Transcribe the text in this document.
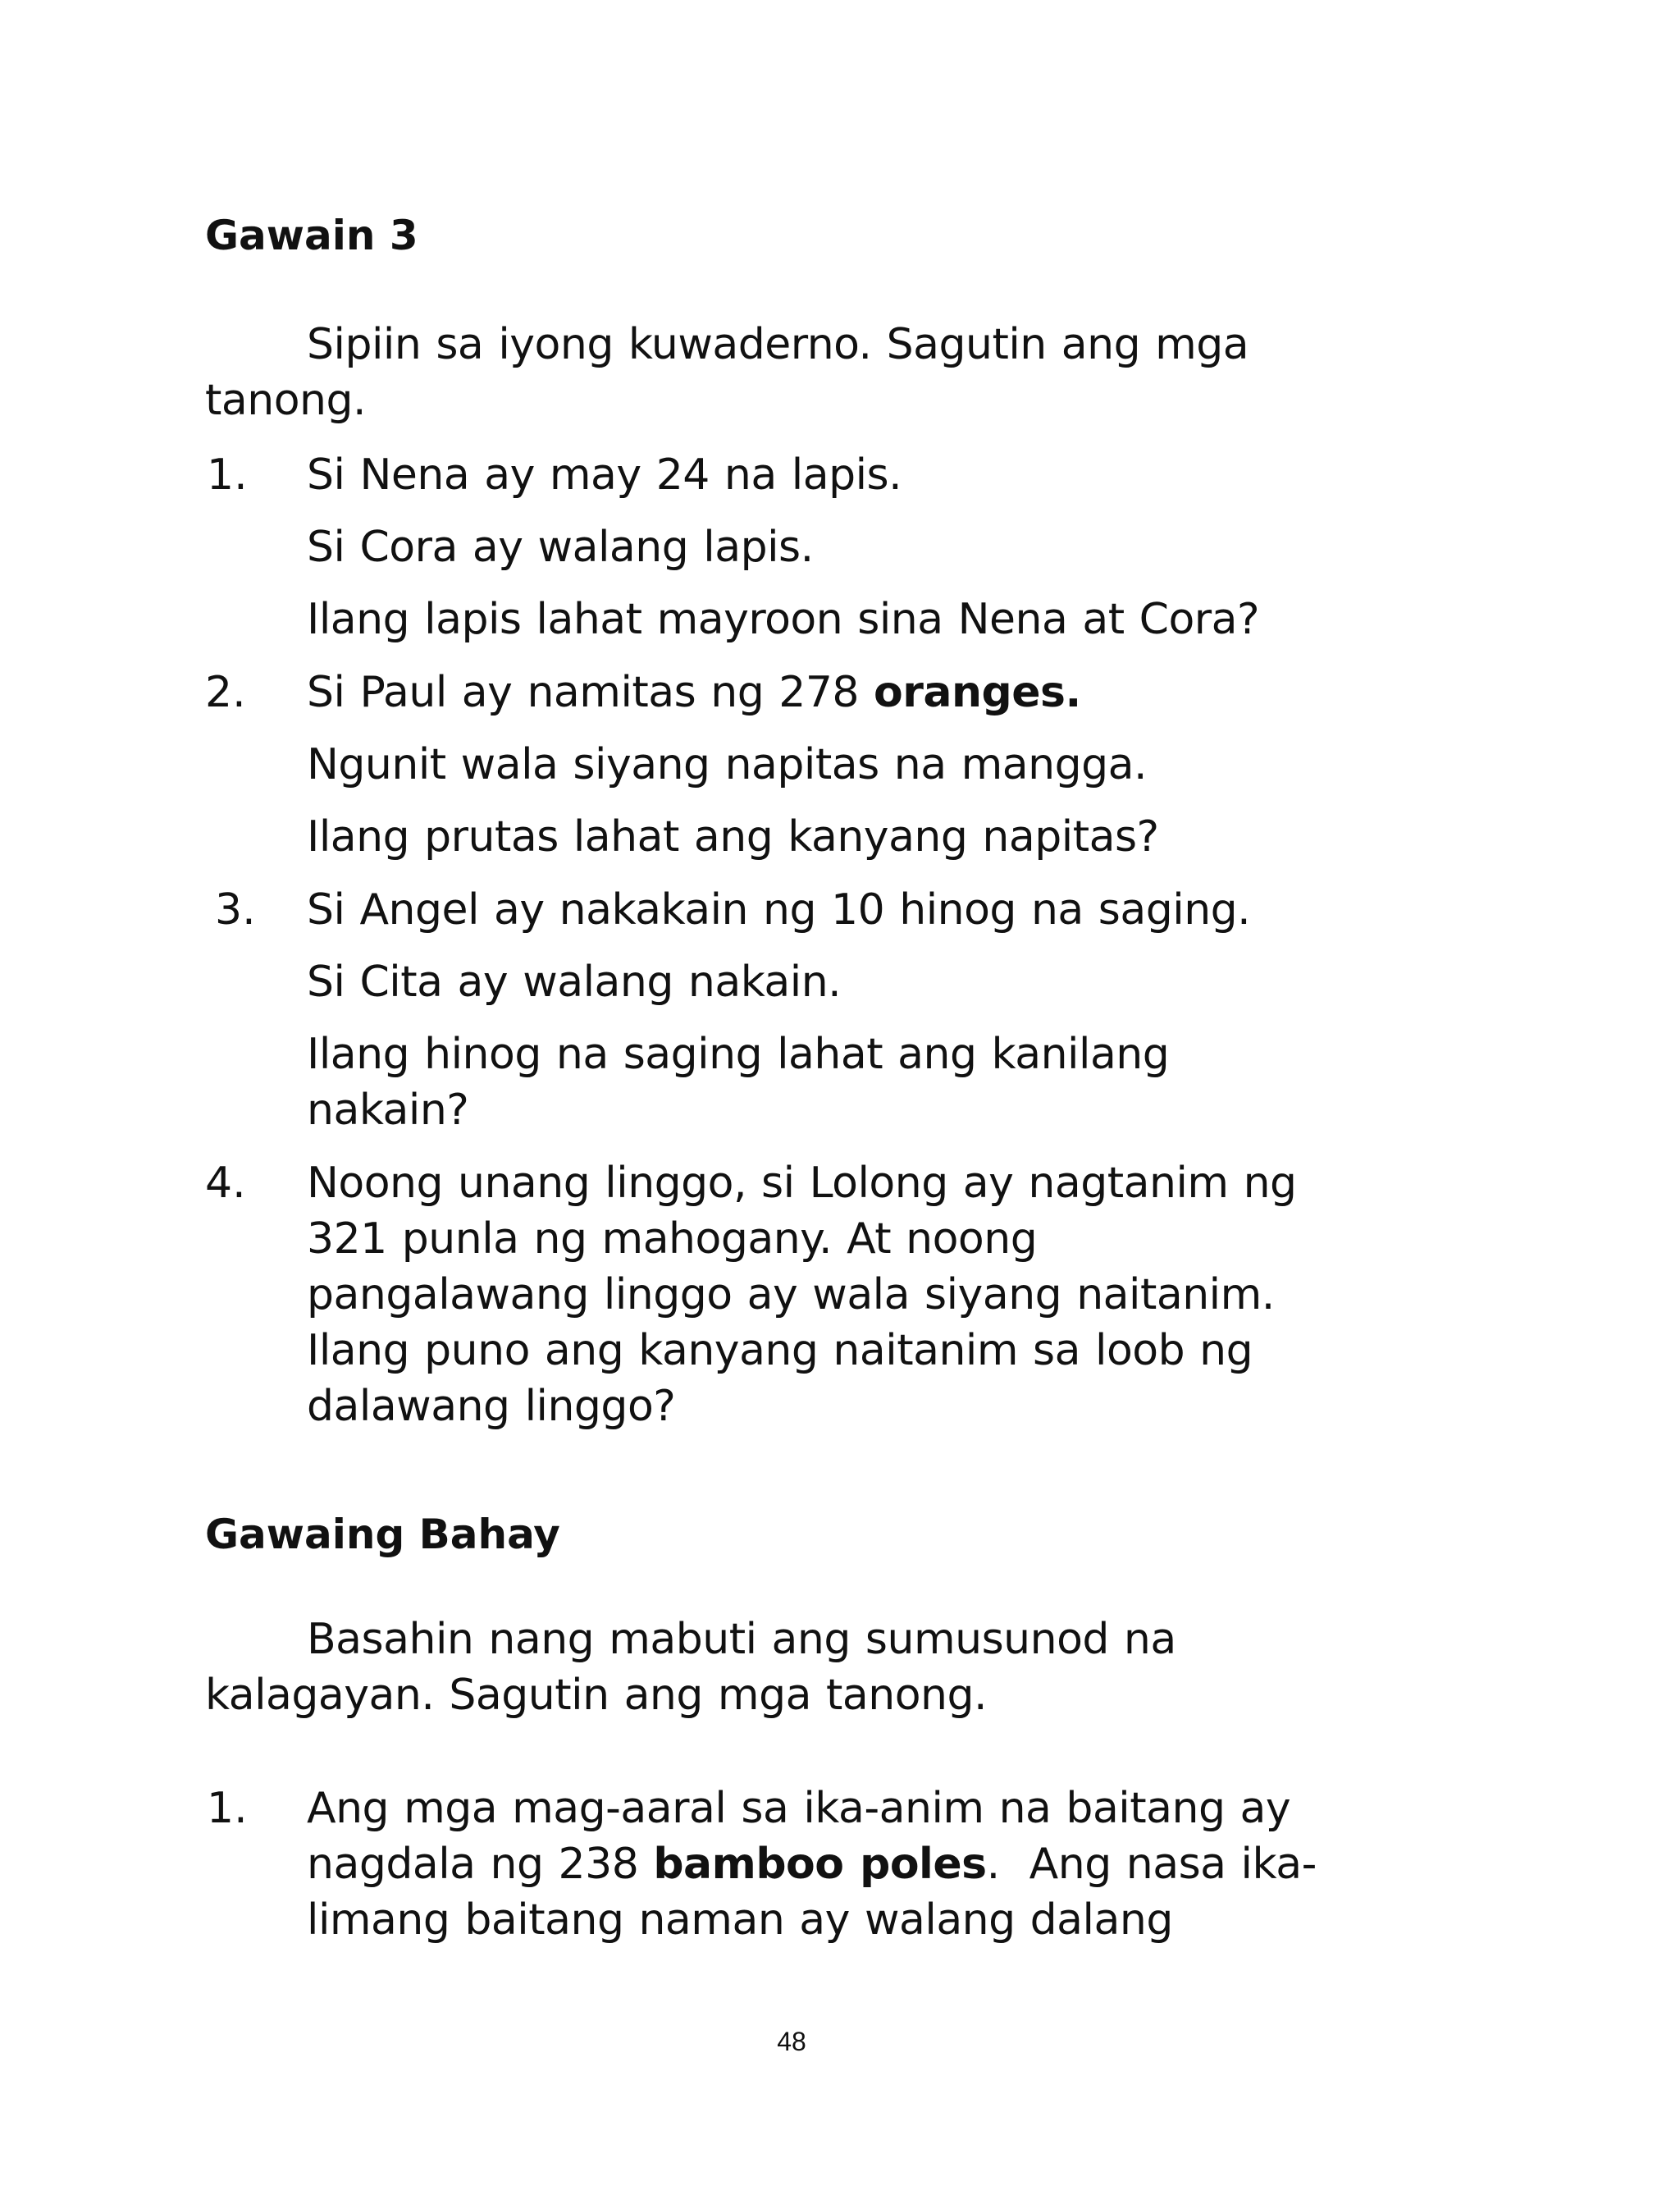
Gawain 3
Sipiin sa iyong kuwaderno. Sagutin ang mga tanong.
1. Si Nena ay may 24 na lapis.
Si Cora ay walang lapis.
Ilang lapis lahat mayroon sina Nena at Cora?
2. Si Paul ay namitas ng 278 oranges.
Ngunit wala siyang napitas na mangga.
Ilang prutas lahat ang kanyang napitas?
3. Si Angel ay nakakain ng 10 hinog na saging.
Si Cita ay walang nakain.
Ilang hinog na saging lahat ang kanilang
nakain?
4. Noong unang linggo, si Lolong ay nagtanim ng
321 punla ng mahogany. At noong
pangalawang linggo ay wala siyang naitanim.
Ilang puno ang kanyang naitanim sa loob ng
dalawang linggo?
Gawaing Bahay
Basahin nang mabuti ang sumusunod na kalagayan. Sagutin ang mga tanong.
1. Ang mga mag-aaral sa ika-anim na baitang ay
nagdala ng 238 bamboo poles.  Ang nasa ika-
limang baitang naman ay walang dalang
48
